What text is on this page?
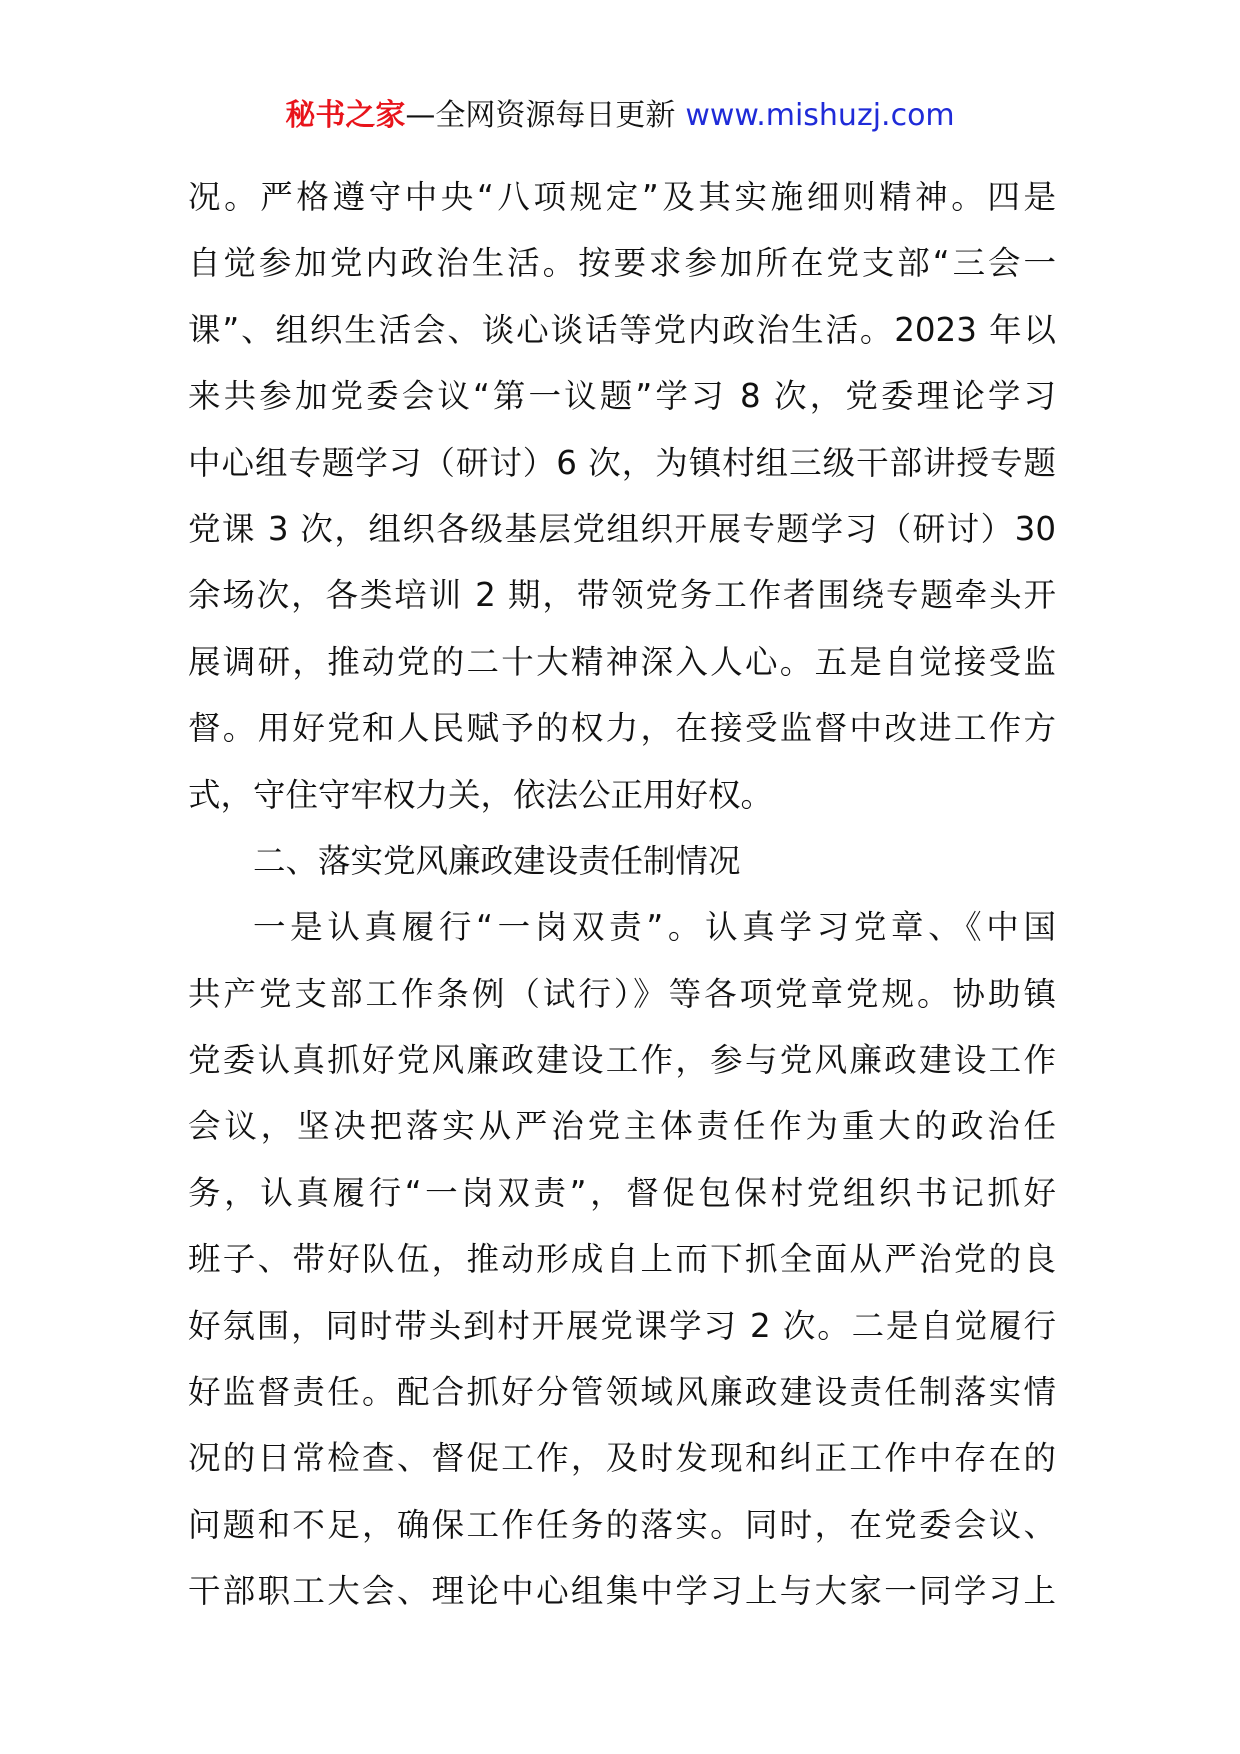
秘书之家—全网资源每日更新 www.mishuzj.com
况。严格遵守中央“八项规定”及其实施细则精神。四是
自觉参加党内政治生活。按要求参加所在党支部“三会一
课”、组织生活会、谈心谈话等党内政治生活。2023 年以
来共参加党委会议“第一议题”学习 8 次，党委理论学习
中心组专题学习（研讨）6 次，为镇村组三级干部讲授专题
党课 3 次，组织各级基层党组织开展专题学习（研讨）30
余场次，各类培训 2 期，带领党务工作者围绕专题牵头开
展调研，推动党的二十大精神深入人心。五是自觉接受监
督。用好党和人民赋予的权力，在接受监督中改进工作方
式，守住守牢权力关，依法公正用好权。
二、落实党风廉政建设责任制情况
一是认真履行“一岗双责”。认真学习党章、《中国
共产党支部工作条例（试行）》等各项党章党规。协助镇
党委认真抓好党风廉政建设工作，参与党风廉政建设工作
会议，坚决把落实从严治党主体责任作为重大的政治任
务，认真履行“一岗双责”，督促包保村党组织书记抓好
班子、带好队伍，推动形成自上而下抓全面从严治党的良
好氛围，同时带头到村开展党课学习 2 次。二是自觉履行
好监督责任。配合抓好分管领域风廉政建设责任制落实情
况的日常检查、督促工作，及时发现和纠正工作中存在的
问题和不足，确保工作任务的落实。同时，在党委会议、
干部职工大会、理论中心组集中学习上与大家一同学习上
